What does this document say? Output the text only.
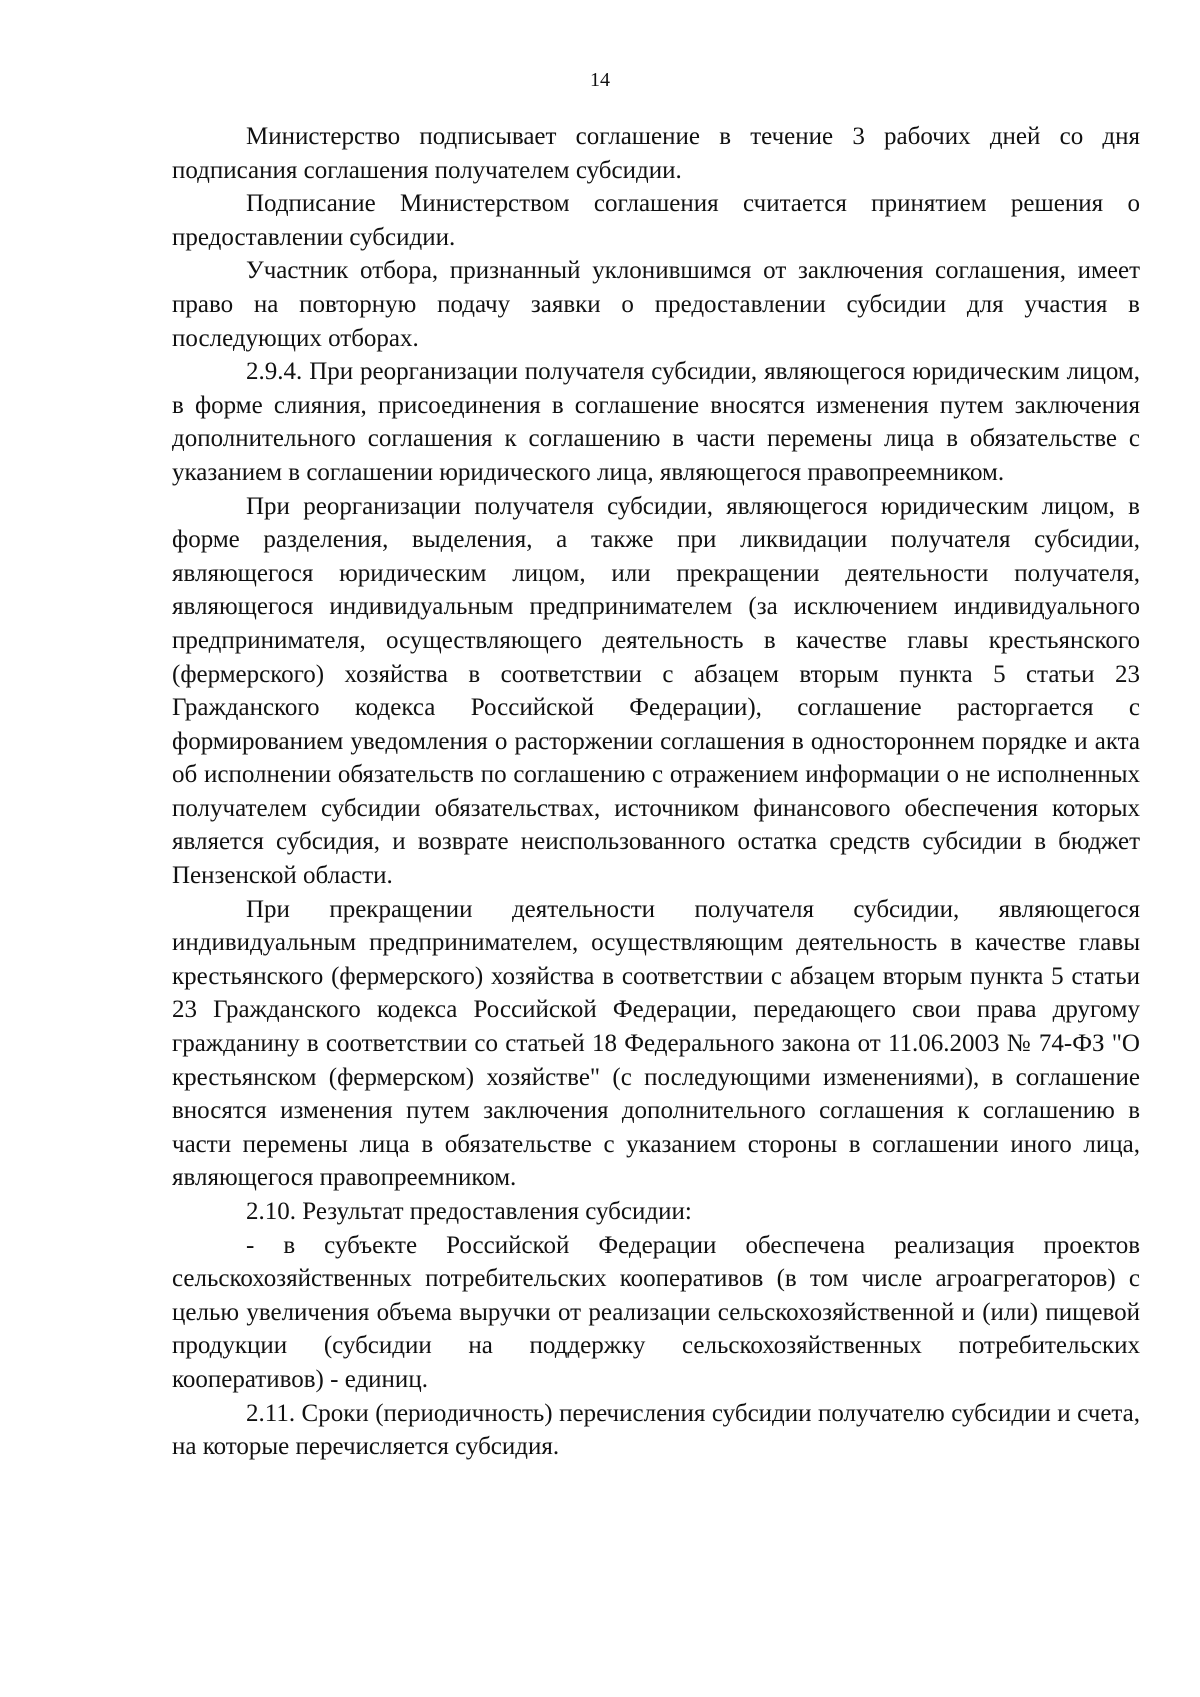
14

Министерство подписывает соглашение в течение 3 рабочих дней со дня подписания соглашения получателем субсидии.

Подписание Министерством соглашения считается принятием решения о предоставлении субсидии.

Участник отбора, признанный уклонившимся от заключения соглашения, имеет право на повторную подачу заявки о предоставлении субсидии для участия в последующих отборах.

2.9.4. При реорганизации получателя субсидии, являющегося юридическим лицом, в форме слияния, присоединения в соглашение вносятся изменения путем заключения дополнительного соглашения к соглашению в части перемены лица в обязательстве с указанием в соглашении юридического лица, являющегося правопреемником.

При реорганизации получателя субсидии, являющегося юридическим лицом, в форме разделения, выделения, а также при ликвидации получателя субсидии, являющегося юридическим лицом, или прекращении деятельности получателя, являющегося индивидуальным предпринимателем (за исключением индивидуального предпринимателя, осуществляющего деятельность в качестве главы крестьянского (фермерского) хозяйства в соответствии с абзацем вторым пункта 5 статьи 23 Гражданского кодекса Российской Федерации), соглашение расторгается с формированием уведомления о расторжении соглашения в одностороннем порядке и акта об исполнении обязательств по соглашению с отражением информации о не исполненных получателем субсидии обязательствах, источником финансового обеспечения которых является субсидия, и возврате неиспользованного остатка средств субсидии в бюджет Пензенской области.

При прекращении деятельности получателя субсидии, являющегося индивидуальным предпринимателем, осуществляющим деятельность в качестве главы крестьянского (фермерского) хозяйства в соответствии с абзацем вторым пункта 5 статьи 23 Гражданского кодекса Российской Федерации, передающего свои права другому гражданину в соответствии со статьей 18 Федерального закона от 11.06.2003 № 74-ФЗ "О крестьянском (фермерском) хозяйстве" (с последующими изменениями), в соглашение вносятся изменения путем заключения дополнительного соглашения к соглашению в части перемены лица в обязательстве с указанием стороны в соглашении иного лица, являющегося правопреемником.

2.10. Результат предоставления субсидии:

- в субъекте Российской Федерации обеспечена реализация проектов сельскохозяйственных потребительских кооперативов (в том числе агроагрегаторов) с целью увеличения объема выручки от реализации сельскохозяйственной и (или) пищевой продукции (субсидии на поддержку сельскохозяйственных потребительских кооперативов) - единиц.

2.11. Сроки (периодичность) перечисления субсидии получателю субсидии и счета, на которые перечисляется субсидия.
